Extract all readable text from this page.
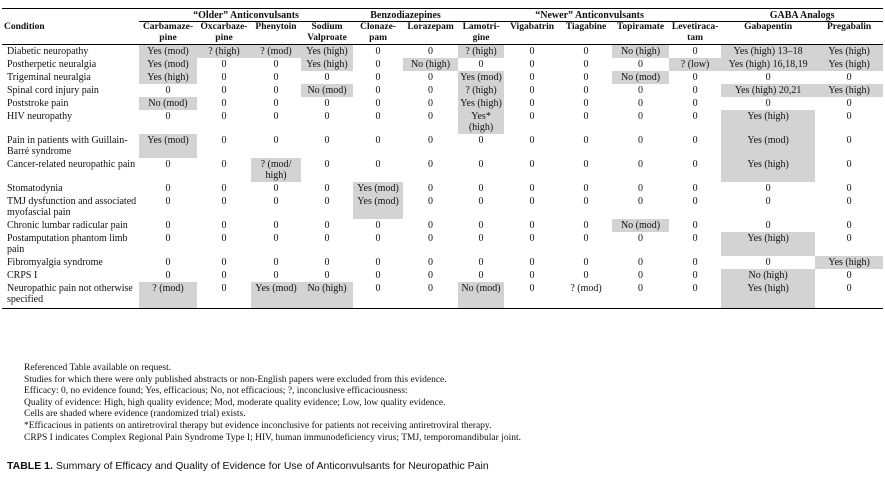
	“Older” Anticonvulsants				Benzodiazepines		“Newer” Anticonvulsants					GABA Analogs	
Condition	Carbamaze-pine	Oxcarbaze-pine	Phenytoin	Sodium Valproate	Clonaze-pam	Lorazepam	Lamotri-gine	Vigabatrin	Tiagabine	Topiramate	Levetiraca-tam	Gabapentin	Pregabalin
Diabetic neuropathy	Yes (mod)	? (high)	? (mod)	Yes (high)	0	0	? (high)	0	0	No (high)	0	Yes (high) 13–18	Yes (high)
Postherpetic neuralgia	Yes (mod)	0	0	Yes (high)	0	No (high)	0	0	0	0	? (low)	Yes (high) 16,18,19	Yes (high)
Trigeminal neuralgia	Yes (high)	0	0	0	0	0	Yes (mod)	0	0	No (mod)	0	0	0
Spinal cord injury pain	0	0	0	No (mod)	0	0	? (high)	0	0	0	0	Yes (high) 20,21	Yes (high)
Poststroke pain	No (mod)	0	0	0	0	0	Yes (high)	0	0	0	0	0	0
HIV neuropathy	0	0	0	0	0	0	Yes*(high)	0	0	0	0	Yes (high)	0
Pain in patients with Guillain-Barré syndrome	Yes (mod)	0	0	0	0	0	0	0	0	0	0	Yes (mod)	0
Cancer-related neuropathic pain	0	0	? (mod/ high)	0	0	0	0	0	0	0	0	Yes (high)	0
Stomatodynia	0	0	0	0	Yes (mod)	0	0	0	0	0	0	0	0
TMJ dysfunction and associated myofascial pain	0	0	0	0	Yes (mod)	0	0	0	0	0	0	0	0
Chronic lumbar radicular pain	0	0	0	0	0	0	0	0	0	No (mod)	0	0	0
Postamputation phantom limb pain	0	0	0	0	0	0	0	0	0	0	0	Yes (high)	0
Fibromyalgia syndrome	0	0	0	0	0	0	0	0	0	0	0	0	Yes (high)
CRPS I	0	0	0	0	0	0	0	0	0	0	0	No (high)	0
Neuropathic pain not otherwise specified	? (mod)	0	Yes (mod)	No (high)	0	0	No (mod)	0	? (mod)	0	0	Yes (high)	0
Referenced Table available on request.
Studies for which there were only published abstracts or non-English papers were excluded from this evidence.
Efficacy: 0, no evidence found; Yes, efficacious; No, not efficacious; ?, inconclusive efficaciousness:
Quality of evidence: High, high quality evidence; Mod, moderate quality evidence; Low, low quality evidence.
Cells are shaded where evidence (randomized trial) exists.
*Efficacious in patients on antiretroviral therapy but evidence inconclusive for patients not receiving antiretroviral therapy.
CRPS I indicates Complex Regional Pain Syndrome Type I; HIV, human immunodeficiency virus; TMJ, temporomandibular joint.
TABLE 1. Summary of Efficacy and Quality of Evidence for Use of Anticonvulsants for Neuropathic Pain
